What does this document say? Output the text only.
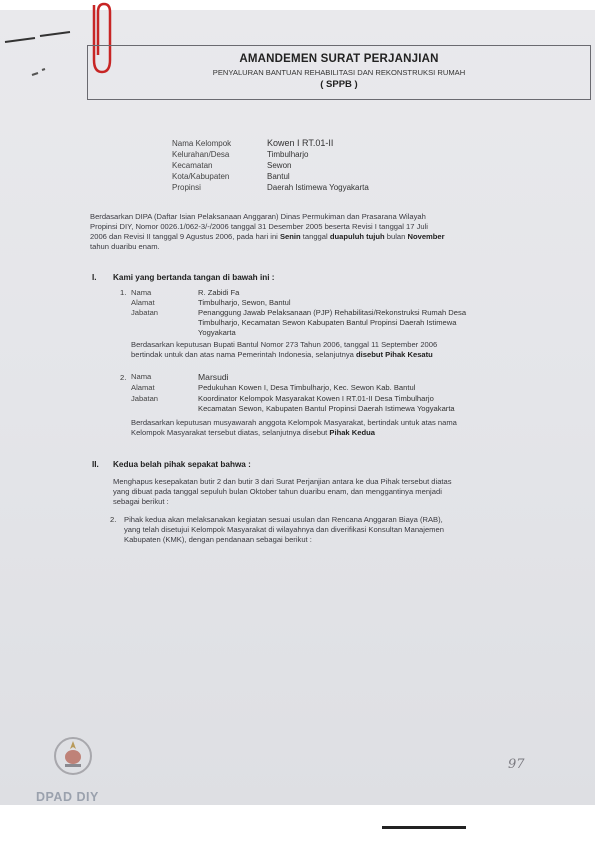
AMANDEMEN SURAT PERJANJIAN
PENYALURAN BANTUAN REHABILITASI DAN REKONSTRUKSI RUMAH
( SPPB )
Nama Kelompok	Kowen I RT.01-II
Kelurahan/Desa	Timbulharjo
Kecamatan	Sewon
Kota/Kabupaten	Bantul
Propinsi	Daerah Istimewa Yogyakarta
Berdasarkan DIPA (Daftar Isian Pelaksanaan Anggaran) Dinas Permukiman dan Prasarana Wilayah
Propinsi DIY, Nomor 0026.1/062-3/-/2006 tanggal 31 Desember 2005 beserta Revisi I tanggal 17 Juli
2006 dan Revisi II tanggal 9 Agustus 2006, pada hari ini Senin tanggal duapuluh tujuh bulan November
tahun duaribu enam.
I. Kami yang bertanda tangan di bawah ini :
1. Nama	R. Zabidi Fa
Alamat	Timbulharjo, Sewon, Bantul
Jabatan	Penanggung Jawab Pelaksanaan (PJP) Rehabilitasi/Rekonstruksi Rumah Desa
Timbulharjo, Kecamatan Sewon Kabupaten Bantul Propinsi Daerah Istimewa
Yogyakarta
Berdasarkan keputusan Bupati Bantul Nomor 273 Tahun 2006, tanggal 11 September 2006
bertindak untuk dan atas nama Pemerintah Indonesia, selanjutnya disebut Pihak Kesatu
2. Nama	Marsudi
Alamat	Pedukuhan Kowen I, Desa Timbulharjo, Kec. Sewon Kab. Bantul
Jabatan	Koordinator Kelompok Masyarakat Kowen I RT.01-II Desa Timbulharjo
Kecamatan Sewon, Kabupaten Bantul Propinsi Daerah Istimewa Yogyakarta
Berdasarkan keputusan musyawarah anggota Kelompok Masyarakat, bertindak untuk atas nama
Kelompok Masyarakat tersebut diatas, selanjutnya disebut Pihak Kedua
II. Kedua belah pihak sepakat bahwa :
Menghapus kesepakatan butir 2 dan butir 3 dari Surat Perjanjian antara ke dua Pihak tersebut diatas
yang dibuat pada tanggal sepuluh bulan Oktober tahun duaribu enam, dan menggantinya menjadi
sebagai berikut :
2. Pihak kedua akan melaksanakan kegiatan sesuai usulan dan Rencana Anggaran Biaya (RAB),
yang telah disetujui Kelompok Masyarakat di wilayahnya dan diverifikasi Konsultan Manajemen
Kabupaten (KMK), dengan pendanaan sebagai berikut :
DPAD DIY
97
